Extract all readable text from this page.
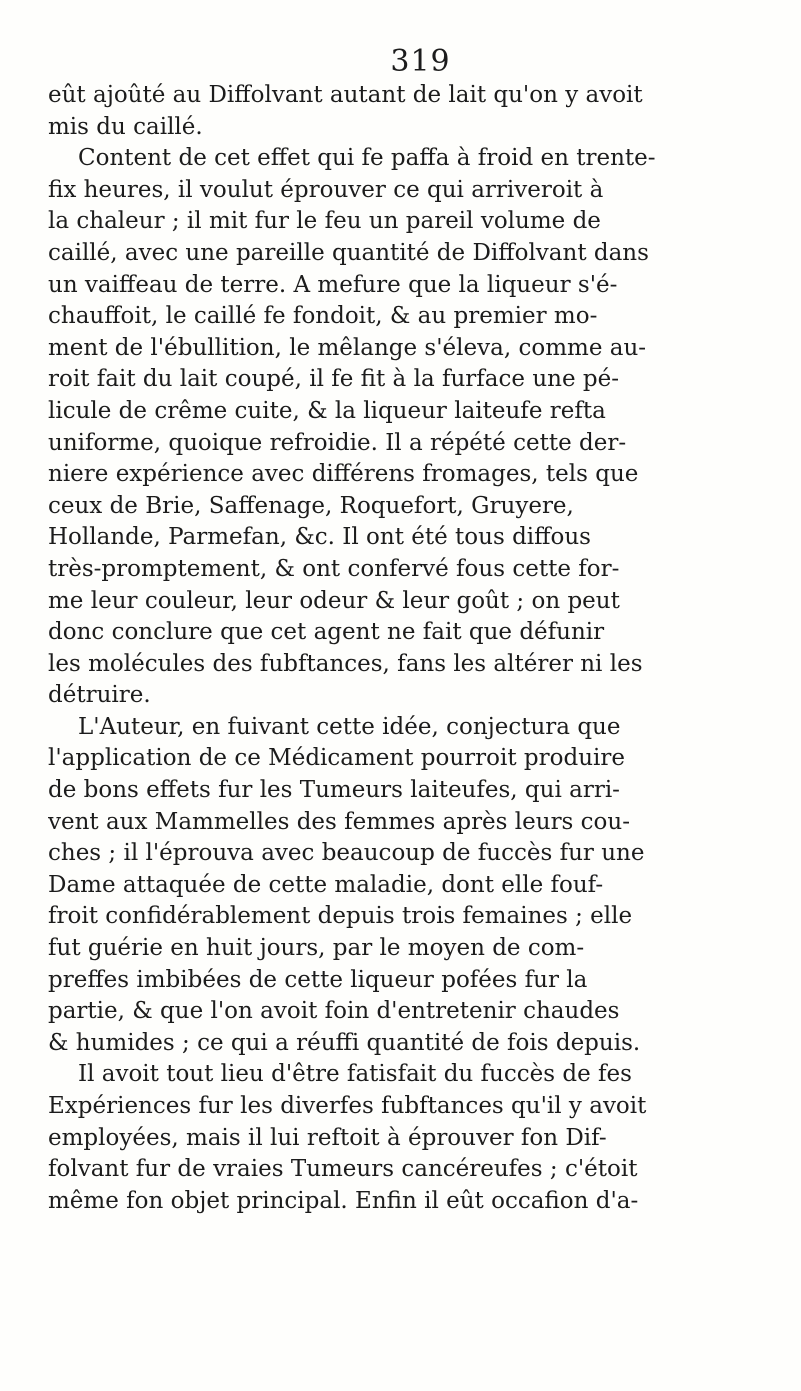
319
eût ajoûté au Diffolvant autant de lait qu'on y avoit
mis du caillé.
Content de cet effet qui fe paffa à froid en trente-
fix heures, il voulut éprouver ce qui arriveroit à
la chaleur ; il mit fur le feu un pareil volume de
caillé, avec une pareille quantité de Diffolvant dans
un vaiffeau de terre. A mefure que la liqueur s'é-
chauffoit, le caillé fe fondoit, & au premier mo-
ment de l'ébullition, le mêlange s'éleva, comme au-
roit fait du lait coupé, il fe fit à la furface une pé-
licule de crême cuite, & la liqueur laiteufe refta
uniforme, quoique refroidie. Il a répété cette der-
niere expérience avec différens fromages, tels que
ceux de Brie, Saffenage, Roquefort, Gruyere,
Hollande, Parmefan, &c. Il ont été tous diffous
très-promptement, & ont confervé fous cette for-
me leur couleur, leur odeur & leur goût ; on peut
donc conclure que cet agent ne fait que défunir
les molécules des fubftances, fans les altérer ni les
détruire.
L'Auteur, en fuivant cette idée, conjectura que
l'application de ce Médicament pourroit produire
de bons effets fur les Tumeurs laiteufes, qui arri-
vent aux Mammelles des femmes après leurs cou-
ches ; il l'éprouva avec beaucoup de fuccès fur une
Dame attaquée de cette maladie, dont elle fouf-
froit confidérablement depuis trois femaines ; elle
fut guérie en huit jours, par le moyen de com-
preffes imbibées de cette liqueur pofées fur la
partie, & que l'on avoit foin d'entretenir chaudes
& humides ; ce qui a réuffi quantité de fois depuis.
Il avoit tout lieu d'être fatisfait du fuccès de fes
Expériences fur les diverfes fubftances qu'il y avoit
employées, mais il lui reftoit à éprouver fon Dif-
folvant fur de vraies Tumeurs cancéreufes ; c'étoit
même fon objet principal. Enfin il eût occafion d'a-
